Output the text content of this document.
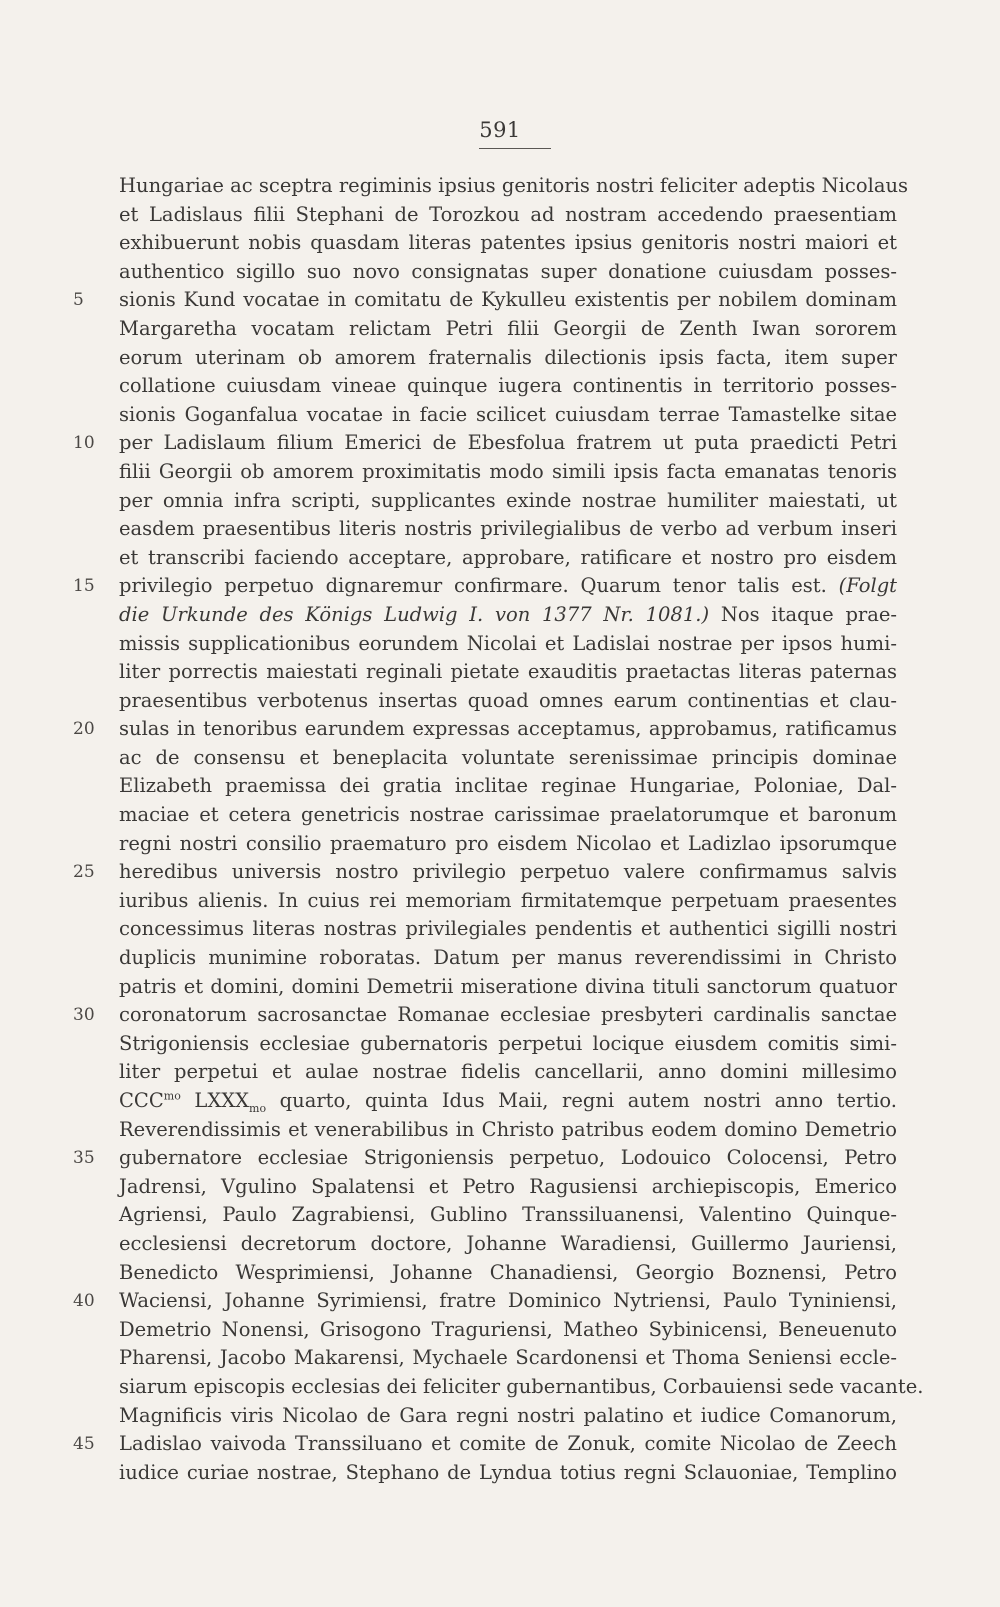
591
Hungariae ac sceptra regiminis ipsius genitoris nostri feliciter adeptis Nicolaus
et Ladislaus filii Stephani de Torozkou ad nostram accedendo praesentiam
exhibuerunt nobis quasdam literas patentes ipsius genitoris nostri maiori et
authentico sigillo suo novo consignatas super donatione cuiusdam posses-
5	sionis Kund vocatae in comitatu de Kykulleu existentis per nobilem dominam
Margaretha vocatam relictam Petri filii Georgii de Zenth Iwan sororem
eorum uterinam ob amorem fraternalis dilectionis ipsis facta, item super
collatione cuiusdam vineae quinque iugera continentis in territorio posses-
sionis Goganfalua vocatae in facie scilicet cuiusdam terrae Tamastelke sitae
10 per Ladislaum filium Emerici de Ebesfolua fratrem ut puta praedicti Petri
filii Georgii ob amorem proximitatis modo simili ipsis facta emanatas tenoris
per omnia infra scripti, supplicantes exinde nostrae humiliter maiestati, ut
easdem praesentibus literis nostris privilegialibus de verbo ad verbum inseri
et transcribi faciendo acceptare, approbare, ratificare et nostro pro eisdem
15 privilegio perpetuo dignaremur confirmare. Quarum tenor talis est. (Folgt
die Urkunde des Königs Ludwig I. von 1377 Nr. 1081.) Nos itaque prae-
missis supplicationibus eorundem Nicolai et Ladislai nostrae per ipsos humi-
liter porrectis maiestati reginali pietate exauditis praetactas literas paternas
praesentibus verbotenus insertas quoad omnes earum continentias et clau-
20 sulas in tenoribus earundem expressas acceptamus, approbamus, ratificamus
ac de consensu et beneplacita voluntate serenissimae principis dominae
Elizabeth praemissa dei gratia inclitae reginae Hungariae, Poloniae, Dal-
maciae et cetera genetricis nostrae carissimae praelatorumque et baronum
regni nostri consilio praematuro pro eisdem Nicolao et Ladizlao ipsorumque
25 heredibus universis nostro privilegio perpetuo valere confirmamus salvis
iuribus alienis. In cuius rei memoriam firmitatemque perpetuam praesentes
concessimus literas nostras privilegiales pendentis et authentici sigilli nostri
duplicis munimine roboratas. Datum per manus reverendissimi in Christo
patris et domini, domini Demetrii miseratione divina tituli sanctorum quatuor
30 coronatorum sacrosanctae Romanae ecclesiae presbyteri cardinalis sanctae
Strigoniensis ecclesiae gubernatoris perpetui locique eiusdem comitis simi-
liter perpetui et aulae nostrae fidelis cancellarii, anno domini millesimo
$CCC^{mo}$ $LXXX_{mo}$ quarto, quinta Idus Maii, regni autem nostri anno tertio.
Reverendissimis et venerabilibus in Christo patribus eodem domino Demetrio
35 gubernatore ecclesiae Strigoniensis perpetuo, Lodouico Colocensi, Petro
Jadrensi, Vgulino Spalatensi et Petro Ragusiensi archiepiscopis, Emerico
Agriensi, Paulo Zagrabiensi, Gublino Transsiluanensi, Valentino Quinque-
ecclesiensi decretorum doctore, Johanne Waradiensi, Guillermo Jauriensi,
Benedicto Wesprimiensi, Johanne Chanadiensi, Georgio Boznensi, Petro
40 Waciensi, Johanne Syrimiensi, fratre Dominico Nytriensi, Paulo Tyniniensi,
Demetrio Nonensi, Grisogono Traguriensi, Matheo Sybinicensi, Beneuenuto
Pharensi, Jacobo Makarensi, Mychaele Scardonensi et Thoma Seniensi eccle-
siarum episcopis ecclesias dei feliciter gubernantibus, Corbauiensi sede vacante.
Magnificis viris Nicolao de Gara regni nostri palatino et iudice Comanorum,
45 Ladislao vaivoda Transsiluano et comite de Zonuk, comite Nicolao de Zeech
iudice curiae nostrae, Stephano de Lyndua totius regni Sclauoniae, Templino
